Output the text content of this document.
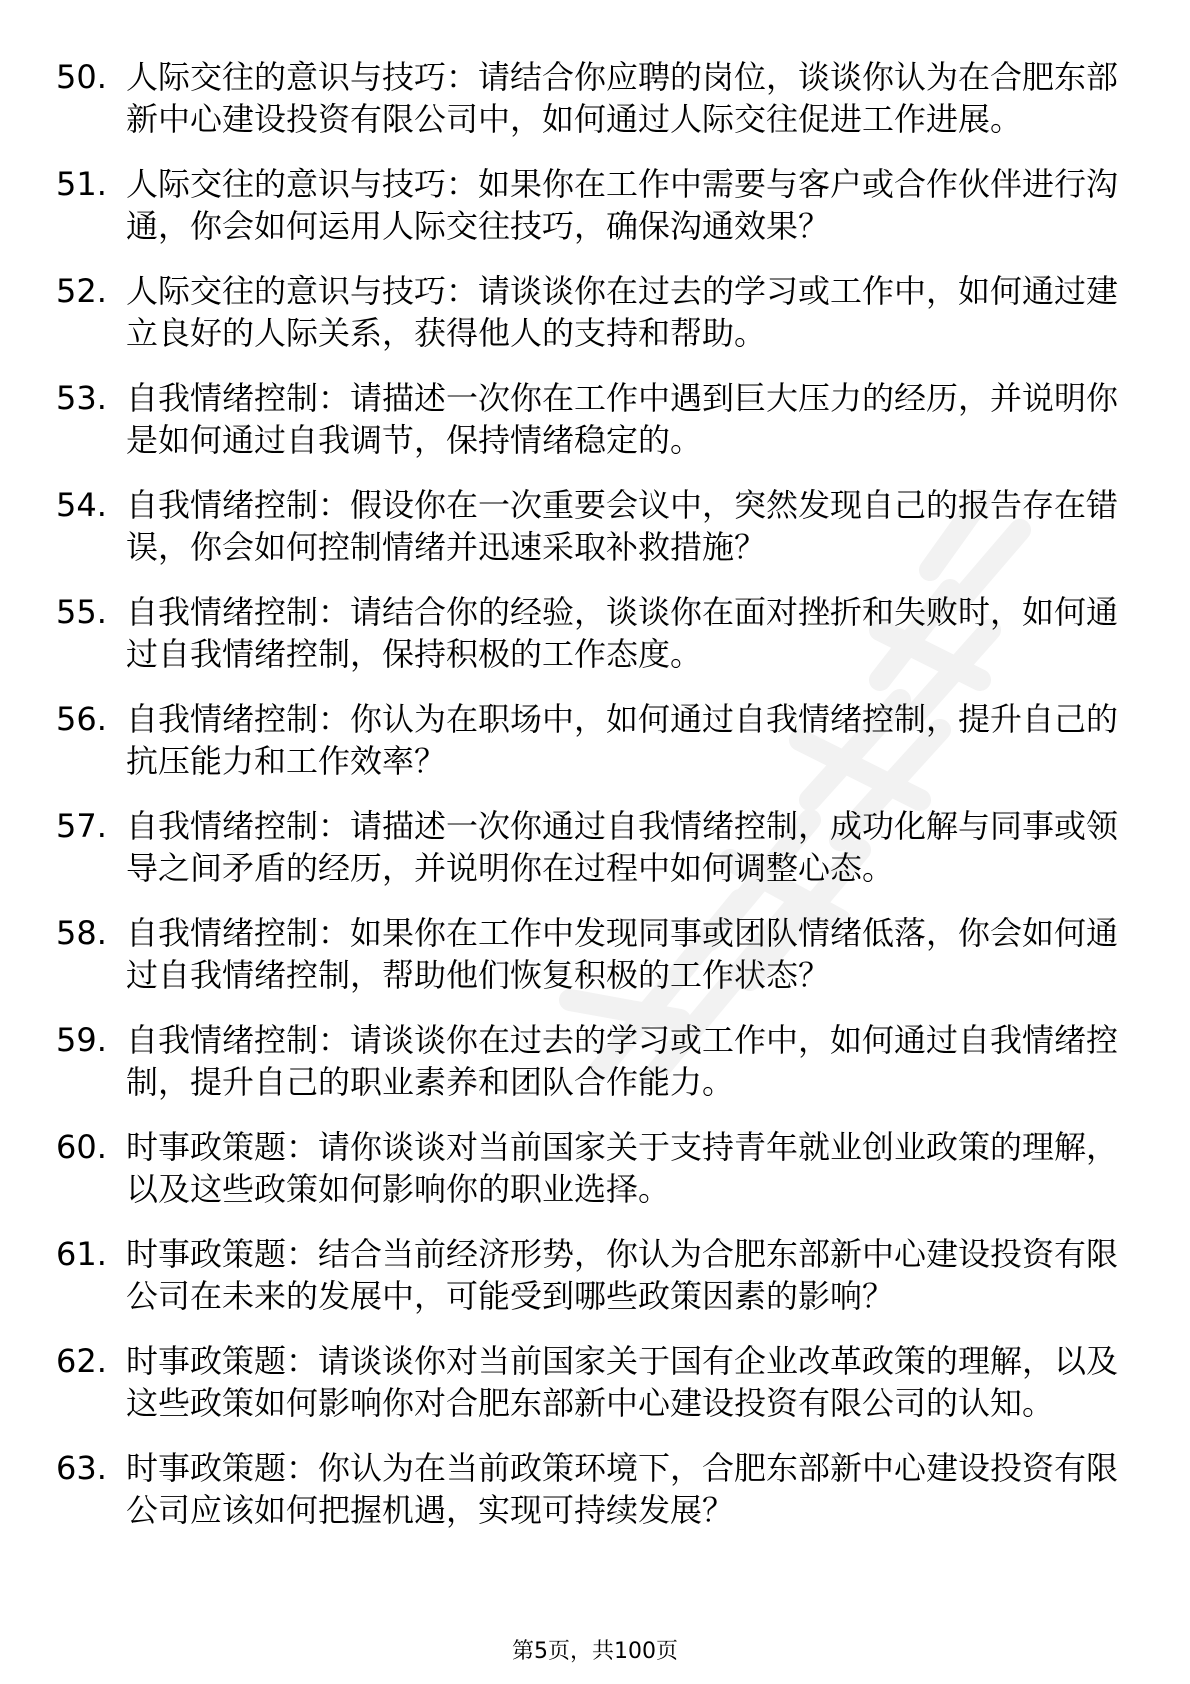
50. 人际交往的意识与技巧：请结合你应聘的岗位，谈谈你认为在合肥东部新中心建设投资有限公司中，如何通过人际交往促进工作进展。
51. 人际交往的意识与技巧：如果你在工作中需要与客户或合作伙伴进行沟通，你会如何运用人际交往技巧，确保沟通效果？
52. 人际交往的意识与技巧：请谈谈你在过去的学习或工作中，如何通过建立良好的人际关系，获得他人的支持和帮助。
53. 自我情绪控制：请描述一次你在工作中遇到巨大压力的经历，并说明你是如何通过自我调节，保持情绪稳定的。
54. 自我情绪控制：假设你在一次重要会议中，突然发现自己的报告存在错误，你会如何控制情绪并迅速采取补救措施？
55. 自我情绪控制：请结合你的经验，谈谈你在面对挫折和失败时，如何通过自我情绪控制，保持积极的工作态度。
56. 自我情绪控制：你认为在职场中，如何通过自我情绪控制，提升自己的抗压能力和工作效率？
57. 自我情绪控制：请描述一次你通过自我情绪控制，成功化解与同事或领导之间矛盾的经历，并说明你在过程中如何调整心态。
58. 自我情绪控制：如果你在工作中发现同事或团队情绪低落，你会如何通过自我情绪控制，帮助他们恢复积极的工作状态？
59. 自我情绪控制：请谈谈你在过去的学习或工作中，如何通过自我情绪控制，提升自己的职业素养和团队合作能力。
60. 时事政策题：请你谈谈对当前国家关于支持青年就业创业政策的理解，以及这些政策如何影响你的职业选择。
61. 时事政策题：结合当前经济形势，你认为合肥东部新中心建设投资有限公司在未来的发展中，可能受到哪些政策因素的影响？
62. 时事政策题：请谈谈你对当前国家关于国有企业改革政策的理解，以及这些政策如何影响你对合肥东部新中心建设投资有限公司的认知。
63. 时事政策题：你认为在当前政策环境下，合肥东部新中心建设投资有限公司应该如何把握机遇，实现可持续发展？
第5页，共100页
